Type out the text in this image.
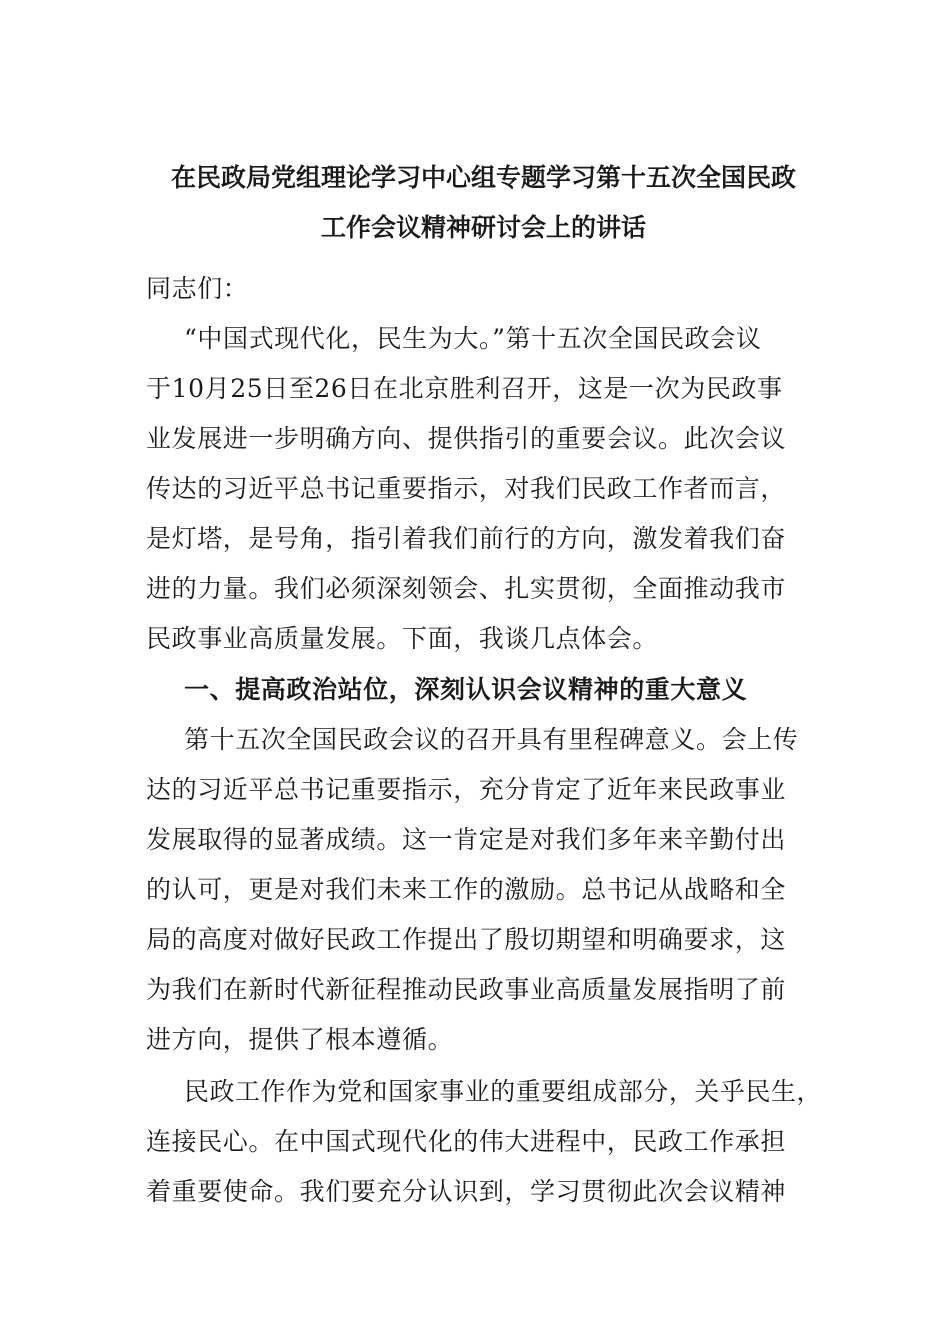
在民政局党组理论学习中心组专题学习第十五次全国民政
工作会议精神研讨会上的讲话
同志们：
“中国式现代化，民生为大。”第十五次全国民政会议
于10月25日至26日在北京胜利召开，这是一次为民政事
业发展进一步明确方向、提供指引的重要会议。此次会议
传达的习近平总书记重要指示，对我们民政工作者而言，
是灯塔，是号角，指引着我们前行的方向，激发着我们奋
进的力量。我们必须深刻领会、扎实贯彻，全面推动我市
民政事业高质量发展。下面，我谈几点体会。
一、提高政治站位，深刻认识会议精神的重大意义
第十五次全国民政会议的召开具有里程碑意义。会上传
达的习近平总书记重要指示，充分肯定了近年来民政事业
发展取得的显著成绩。这一肯定是对我们多年来辛勤付出
的认可，更是对我们未来工作的激励。总书记从战略和全
局的高度对做好民政工作提出了殷切期望和明确要求，这
为我们在新时代新征程推动民政事业高质量发展指明了前
进方向，提供了根本遵循。
民政工作作为党和国家事业的重要组成部分，关乎民生，
连接民心。在中国式现代化的伟大进程中，民政工作承担
着重要使命。我们要充分认识到，学习贯彻此次会议精神
